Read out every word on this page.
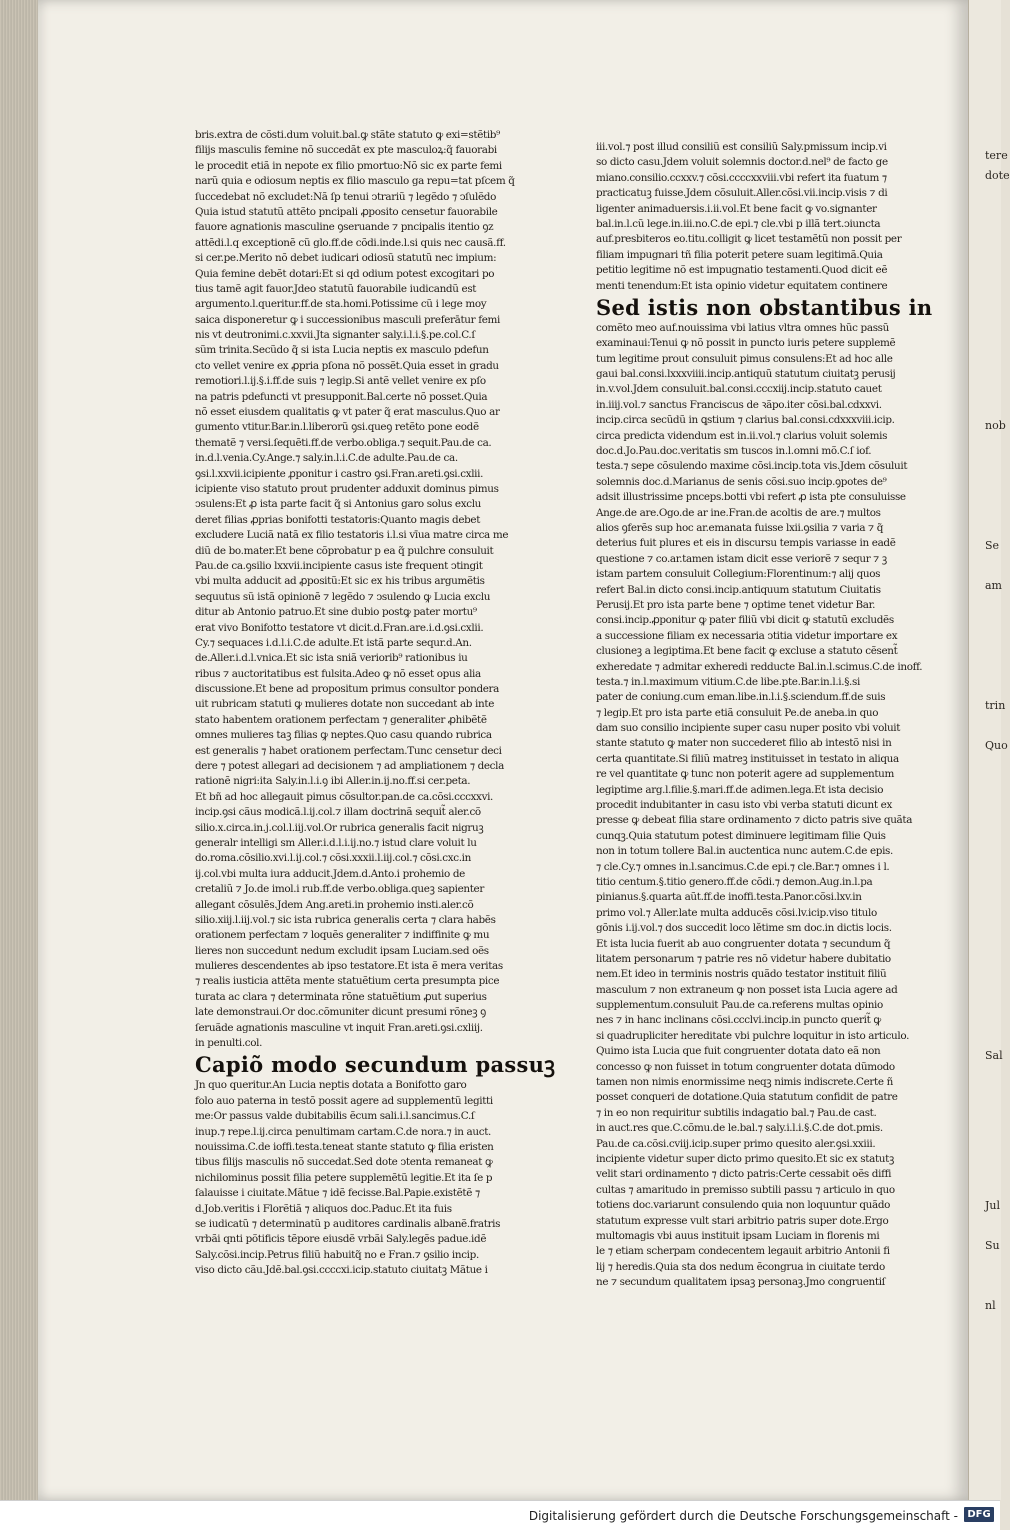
bris.extra de cõsti.dum voluit.bal.ꝙ stãte statuto ꝙ exi=stẽtib⁹
filijs masculis femine nõ succedãt ex pte masculoꝝ:q̃ fauorabi
le procedit etiã in nepote ex filio pmortuo:Nõ sic ex parte femi
narũ quia e odiosum neptis ex filio masculo ga repu=tat pſcem q̃
ſuccedebat nõ excludet:Nã ſp tenui ↄtrariũ ⁊ legẽdo ⁊ ↄſulẽdo
Quia istud statutũ attẽto pncipali ꝓposito censetur fauorabile
fauore agnationis masculine ꝯseruande ⁊ pncipalis itentio ꝯz
attẽdi.l.q exceptionẽ cũ glo.ff.de cõdi.inde.l.si quis nec causã.ff.
si cer.pe.Merito nõ debet iudicari odiosũ statutũ nec impium:
Quia femine debẽt dotari:Et si qd odium potest excogitari po
tius tamẽ agit fauor.Jdeo statutũ fauorabile iudicandũ est
argumento.l.queritur.ff.de sta.homi.Potissime cũ i lege moy
saica disponeretur ꝙ i successionibus masculi preferātur femi
nis vt deutronimi.c.xxvii.Jta signanter saly.i.l.i.§.pe.col.C.ſ
sũm trinita.Secũdo q̃ si ista Lucia neptis ex masculo pdefun
cto vellet venire ex ꝓpria pſona nõ possẽt.Quia esset in gradu
remotiori.l.ij.§.i.ff.de suis ⁊ legip.Si antẽ vellet venire ex pſo
na patris pdefuncti vt presupponit.Bal.certe nõ posset.Quia
nõ esset eiusdem qualitatis ꝙ vt pater q̃ erat masculus.Quo ar
gumento vtitur.Bar.in.l.liberorũ ꝯsi.queꝯ retẽto pone eodẽ
thematẽ ⁊ versi.ſequẽti.ff.de verbo.obliga.⁊ sequit.Pau.de ca.
in.d.l.venia.Cy.Ange.⁊ saly.in.l.i.C.de adulte.Pau.de ca.
ꝯsi.l.xxvii.icipiente ꝓponitur i castro ꝯsi.Fran.areti.ꝯsi.cxlii.
icipiente viso statuto prout prudenter adduxit dominus pimus
ↄsulens:Et ꝓ ista parte facit q̃ si Antonius garo solus exclu
deret filias ꝓprias bonifotti testatoris:Quanto magis debet
excludere Luciã natã ex filio testatoris i.l.si vīua matre circa me
diũ de bo.mater.Et bene cõprobatur p ea q̃ pulchre consuluit
Pau.de ca.ꝯsilio lxxvii.incipiente casus iste frequent ↄtingit
vbi multa adducit ad ꝓpositũ:Et sic ex his tribus argumẽtis
sequutus sũ istã opinionẽ ⁊ legẽdo ⁊ ↄsulendo ꝙ Lucia exclu
ditur ab Antonio patruo.Et sine dubio postꝙ pater mortu⁹
erat vivo Bonifotto testatore vt dicit.d.Fran.are.i.d.ꝯsi.cxlii.
Cy.⁊ sequaces i.d.l.i.C.de adulte.Et istã parte sequr.d.An.
de.Aller.i.d.l.vnica.Et sic ista sniã veriorib⁹ rationibus iu
ribus ⁊ auctoritatibus est fulsita.Adeo ꝙ nõ esset opus alia
discussione.Et bene ad propositum primus consultor pondera
uit rubricam statuti ꝙ mulieres dotate non succedant ab inte
stato habentem orationem perfectam ⁊ generaliter ꝓhibẽtẽ
omnes mulieres taꝫ filias ꝙ neptes.Quo casu quando rubrica
est generalis ⁊ habet orationem perfectam.Tunc censetur deci
dere ⁊ potest allegari ad decisionem ⁊ ad ampliationem ⁊ decla
rationẽ nigri:ita Saly.in.l.i.ꝯ ibi Aller.in.ij.no.ff.si cer.peta.
Et bñ ad hoc allegauit pimus cõsultor.pan.de ca.cõsi.cccxxvi.
incip.ꝯsi cãus modicã.l.ij.col.⁊ illam doctrinã sequit̃ aler.cõ
silio.x.circa.in.j.col.l.iij.vol.Or rubrica generalis facit nigruꝫ
generalr intelligi sm Aller.i.d.l.i.ij.no.⁊ istud clare voluit lu
do.roma.cõsilio.xvi.l.ij.col.⁊ cõsi.xxxii.l.iij.col.⁊ cõsi.cxc.in
ij.col.vbi multa iura adducit.Jdem.d.Anto.i prohemio de
cretaliũ ⁊ Jo.de imol.i rub.ff.de verbo.obliga.queꝫ sapienter
allegant cõsulẽs.Jdem Ang.areti.in prohemio insti.aler.cõ
silio.xiij.l.iij.vol.⁊ sic ista rubrica generalis certa ⁊ clara habẽs
orationem perfectam ⁊ loquẽs generaliter ⁊ indiffinite ꝙ mu
lieres non succedunt nedum excludit ipsam Luciam.sed oẽs
mulieres descendentes ab ipso testatore.Et ista ẽ mera veritas
⁊ realis iusticia attẽta mente statuẽtium certa presumpta pice
turata ac clara ⁊ determinata rõne statuẽtium ꝓut superius
late demonstraui.Or doc.cõmuniter dicunt presumi rõneꝫ ꝯ
ſeruãde agnationis masculine vt inquit Fran.areti.ꝯsi.cxliij.
in penulti.col.
Capiõ modo secundum passuꝫ
Jn quo queritur.An Lucia neptis dotata a Bonifotto garo
folo auo paterna in testõ possit agere ad supplementũ legitti
me:Or passus valde dubitabilis ẽcum sali.i.l.sancimus.C.ſ
inup.⁊ repe.l.ij.circa penultimam cartam.C.de nora.⁊ in auct.
nouissima.C.de ioffi.testa.teneat stante statuto ꝙ filia eristen
tibus filijs masculis nõ succedat.Sed dote ↄtenta remaneat ꝙ
nichilominus possit filia petere supplemẽtũ legitie.Et ita ſe p
ſalauisse i ciuitate.Mãtue ⁊ idẽ fecisse.Bal.Papie.existẽtẽ ⁊
d.Job.veritis i Florẽtiã ⁊ aliquos doc.Paduc.Et ita fuis
se iudicatũ ⁊ determinatũ p auditores cardinalis albanẽ.fratris
vrbãi qnti põtificis tẽpore eiusdẽ vrbãi Saly.legẽs padue.idẽ
Saly.cõsi.incip.Petrus filiũ habuitq̃ no e Fran.⁊ ꝯsilio incip.
viso dicto cãu.Jdẽ.bal.ꝯsi.ccccxi.icip.statuto ciuitatꝫ Mãtue i
iii.vol.⁊ post illud consiliũ est consiliũ Saly.pmissum incip.vi
so dicto casu.Jdem voluit solemnis doctor.d.nel⁹ de facto ge
miano.consilio.ccxxv.⁊ cõsi.ccccxxviii.vbi refert ita fuatum ⁊
practicatuꝫ fuisse.Jdem cõsuluit.Aller.cõsi.vii.incip.visis ⁊ di
ligenter animaduersis.i.ii.vol.Et bene facit ꝙ vo.signanter
bal.in.l.cũ lege.in.iii.no.C.de epi.⁊ cle.vbi p illã tert.ↄiuncta
auf.presbiteros eo.titu.colligit ꝙ licet testamẽtũ non possit per
filiam impugnari tñ filia poterit petere suam legitimã.Quia
petitio legitime nõ est impugnatio testamenti.Quod dicit eẽ
menti tenendum:Et ista opinio videtur equitatem continere
Sed istis non obstantibus in
comẽto meo auf.nouissima vbi latius vltra omnes hũc passũ
examinaui:Tenui ꝙ nõ possit in puncto iuris petere supplemẽ
tum legitime prout consuluit pimus consulens:Et ad hoc alle
gaui bal.consi.lxxxviiii.incip.antiquũ statutum ciuitatꝫ perusij
in.v.vol.Jdem consuluit.bal.consi.cccxiij.incip.statuto cauet
in.iiij.vol.⁊ sanctus Franciscus de ꝛãpo.iter cõsi.bal.cdxxvi.
incip.circa secũdũ in ꝗstium ⁊ clarius bal.consi.cdxxxviii.icip.
circa predicta videndum est in.ii.vol.⁊ clarius voluit solemis
doc.d.Jo.Pau.doc.veritatis sm tuscos in.l.omni mõ.C.ſ iof.
testa.⁊ sepe cõsulendo maxime cõsi.incip.tota vis.Jdem cõsuluit
solemnis doc.d.Marianus de senis cõsi.suo incip.ꝯpotes de⁹
adsit illustrissime pnceps.botti vbi refert ꝓ ista pte consuluisse
Ange.de are.Ogo.de ar ine.Fran.de acoltis de are.⁊ multos
alios ꝯferẽs sup hoc ar.emanata fuisse lxii.ꝯsilia ⁊ varia ⁊ q̃
deterius fuit plures et eis in discursu tempis variasse in eadẽ
questione ⁊ co.ar.tamen istam dicit esse veriorẽ ⁊ sequr ⁊ ꝫ
istam partem consuluit Collegium:Florentinum:⁊ alij quos
refert Bal.in dicto consi.incip.antiquum statutum Ciuitatis
Perusij.Et pro ista parte bene ⁊ optime tenet videtur Bar.
consi.incip.ꝓponitur ꝙ pater filiũ vbi dicit ꝙ statutũ excludẽs
a successione filiam ex necessaria ↄtitia videtur importare ex
clusioneꝫ a legiptima.Et bene facit ꝙ excluse a statuto cẽsent̃
exheredate ⁊ admitar exheredi redducte Bal.in.l.scimus.C.de inoff.
testa.⁊ in.l.maximum vitium.C.de libe.pte.Bar.in.l.i.§.si
pater de coniung.cum eman.libe.in.l.i.§.sciendum.ff.de suis
⁊ legip.Et pro ista parte etiã consuluit Pe.de aneba.in quo
dam suo consilio incipiente super casu nuper posito vbi voluit
stante statuto ꝙ mater non succederet filio ab intestõ nisi in
certa quantitate.Si filiũ matreꝫ instituisset in testato in aliqua
re vel quantitate ꝙ tunc non poterit agere ad supplementum
legiptime arg.l.filie.§.mari.ff.de adimen.lega.Et ista decisio
procedit indubitanter in casu isto vbi verba statuti dicunt ex
presse ꝙ debeat filia stare ordinamento ⁊ dicto patris sive quãta
cunqꝫ.Quia statutum potest diminuere legitimam filie Quis
non in totum tollere Bal.in auctentica nunc autem.C.de epis.
⁊ cle.Cy.⁊ omnes in.l.sancimus.C.de epi.⁊ cle.Bar.⁊ omnes i l.
titio centum.§.titio genero.ff.de cõdi.⁊ demon.Aug.in.l.pa
pinianus.§.quarta aũt.ff.de inoffi.testa.Panor.cõsi.lxv.in
primo vol.⁊ Aller.late multa adducẽs cõsi.lv.icip.viso titulo
gõnis i.ij.vol.⁊ dos succedit loco lĕtime sm doc.in dictis locis.
Et ista lucia fuerit ab auo congruenter dotata ⁊ secundum q̃
litatem personarum ⁊ patrie res nõ videtur habere dubitatio
nem.Et ideo in terminis nostris quãdo testator instituit filiũ
masculum ⁊ non extraneum ꝙ non posset ista Lucia agere ad
supplementum.consuluit Pau.de ca.referens multas opinio
nes ⁊ in hanc inclinans cõsi.ccclvi.incip.in puncto querit̃ ꝙ
si quadrupliciter hereditate vbi pulchre loquitur in isto articulo.
Quimo ista Lucia que fuit congruenter dotata dato eã non
concesso ꝙ non fuisset in totum congruenter dotata dũmodo
tamen non nimis enormissime neqꝫ nimis indiscrete.Certe ñ
posset conqueri de dotatione.Quia statutum confidit de patre
⁊ in eo non requiritur subtilis indagatio bal.⁊ Pau.de cast.
in auct.res que.C.cõmu.de le.bal.⁊ saly.i.l.i.§.C.de dot.pmis.
Pau.de ca.cõsi.cviij.icip.super primo quesito aler.ꝯsi.xxiii.
incipiente videtur super dicto primo quesito.Et sic ex statutꝫ
velit stari ordinamento ⁊ dicto patris:Certe cessabit oẽs diffi
cultas ⁊ amaritudo in premisso subtili passu ⁊ articulo in quo
totiens doc.variarunt consulendo quia non loquuntur quãdo
statutum expresse vult stari arbitrio patris super dote.Ergo
multomagis vbi auus instituit ipsam Luciam in florenis mi
le ⁊ etiam scherpam condecentem legauit arbitrio Antonii fi
lij ⁊ heredis.Quia sta dos nedum ẽcongrua in ciuitate terdo
ne ⁊ secundum qualitatem ipsaꝫ personaꝫ.Jmo congruentiſ
tere
dote
nob
Se
am
trin
Quo
Sal
Jul
Su
nl
Digitalisierung gefördert durch die Deutsche Forschungsgemeinschaft - DFG
